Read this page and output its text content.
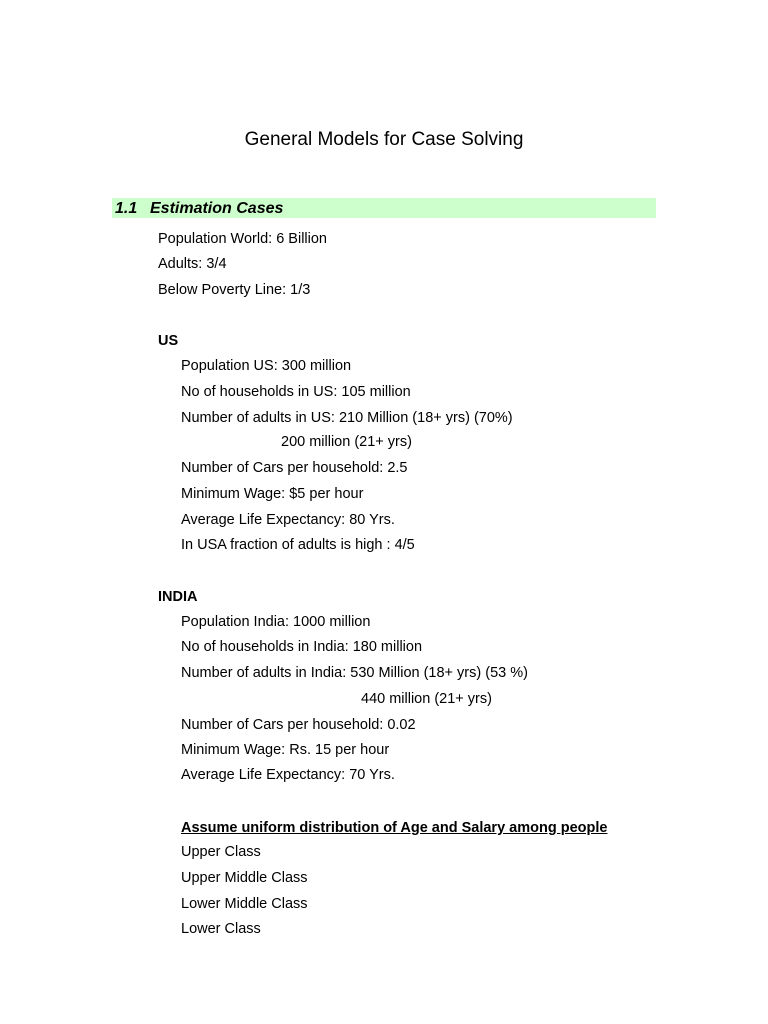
General Models for Case Solving
1.1 Estimation Cases
Population World: 6 Billion
Adults: 3/4
Below Poverty Line: 1/3
US
Population US: 300 million
No of households in US: 105 million
Number of adults in US: 210 Million (18+ yrs) (70%)
200 million (21+ yrs)
Number of Cars per household: 2.5
Minimum Wage: $5 per hour
Average Life Expectancy: 80 Yrs.
In USA fraction of adults is high : 4/5
INDIA
Population India: 1000 million
No of households in India: 180 million
Number of adults in India: 530 Million (18+ yrs) (53 %)
440 million (21+ yrs)
Number of Cars per household: 0.02
Minimum Wage: Rs. 15 per hour
Average Life Expectancy: 70 Yrs.
Assume uniform distribution of Age and Salary among people
Upper Class
Upper Middle Class
Lower Middle Class
Lower Class
